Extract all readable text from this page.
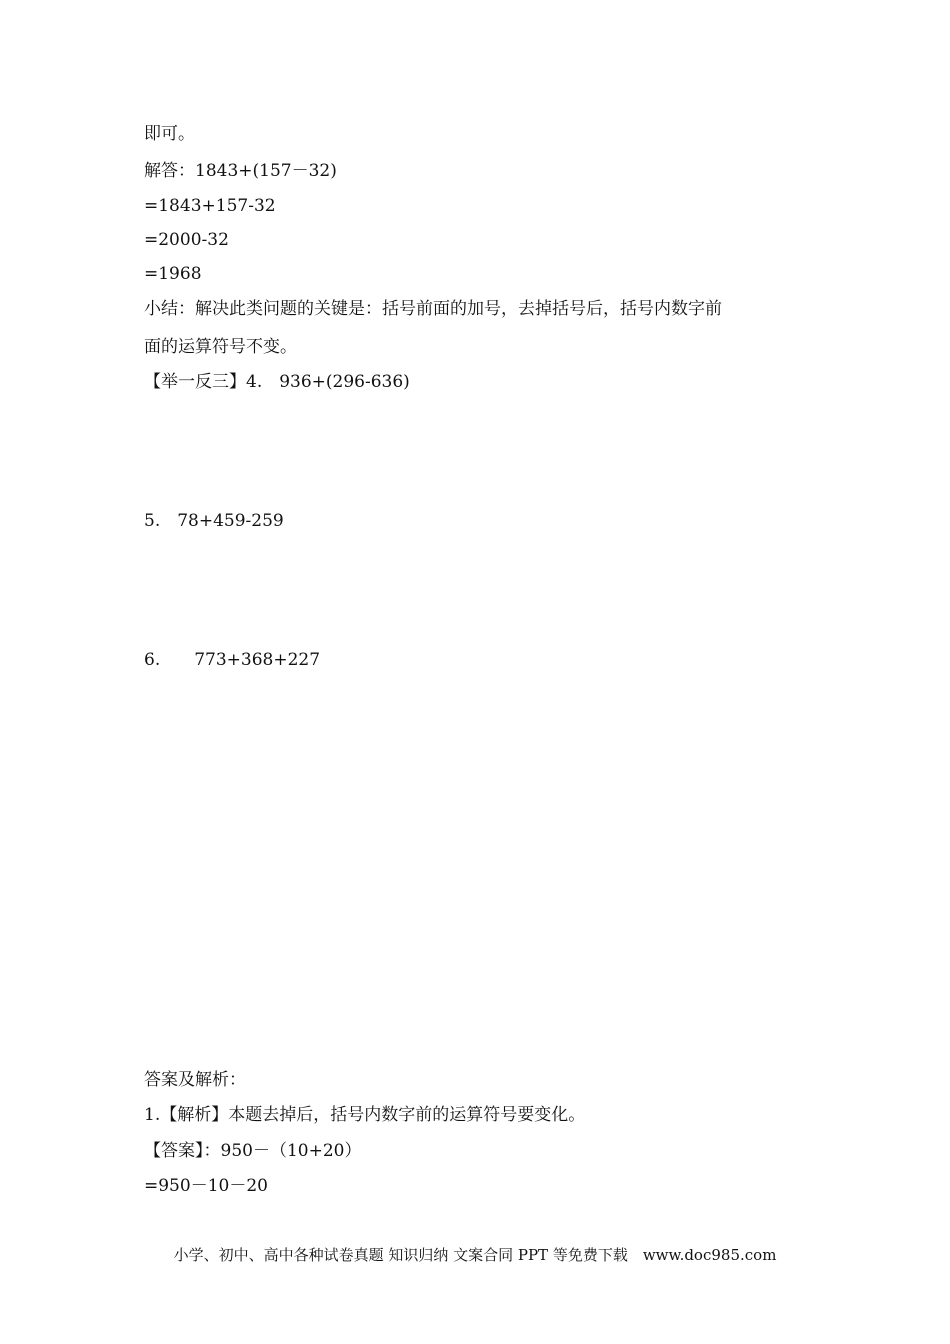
即可。
解答：1843+(157－32)
=1843+157-32
=2000-32
=1968
小结：解决此类问题的关键是：括号前面的加号，去掉括号后，括号内数字前
面的运算符号不变。
【举一反三】4.　936+(296-636)
5.　78+459-259
6.　　773+368+227
答案及解析：
1.【解析】本题去掉后，括号内数字前的运算符号要变化。
【答案】：950－（10+20）
=950－10－20
小学、初中、高中各种试卷真题 知识归纳 文案合同 PPT 等免费下载　www.doc985.com
